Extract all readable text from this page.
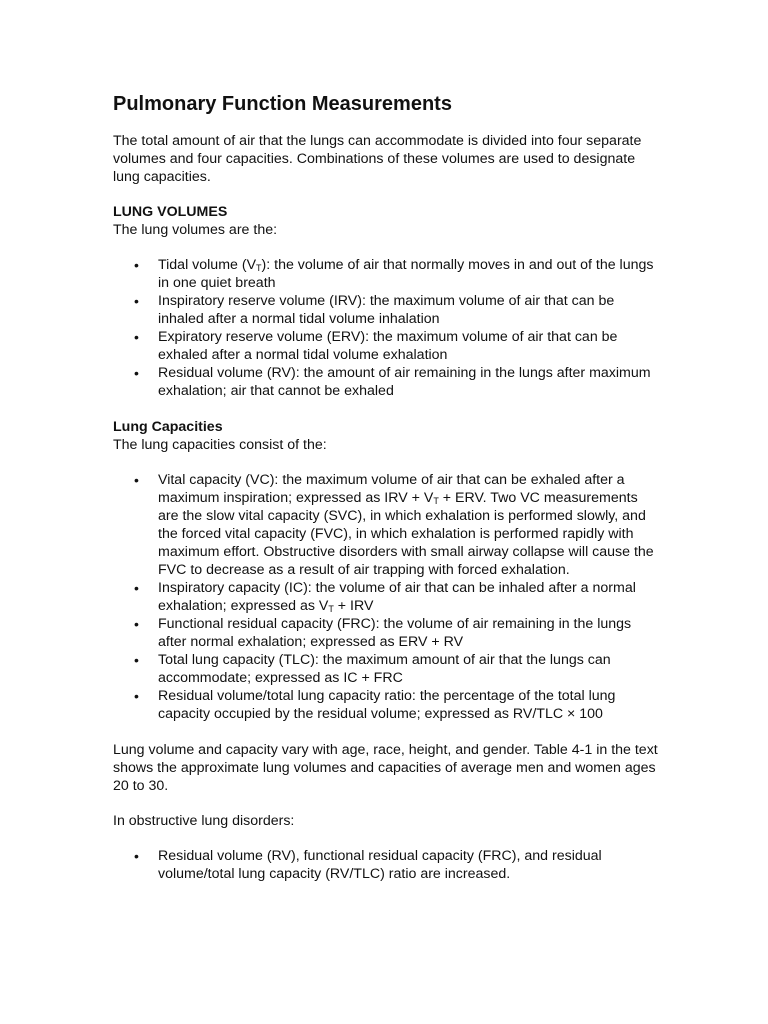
Pulmonary Function Measurements

The total amount of air that the lungs can accommodate is divided into four separate volumes and four capacities. Combinations of these volumes are used to designate lung capacities.

LUNG VOLUMES

The lung volumes are the:

• Tidal volume $(V_T)$: the volume of air that normally moves in and out of the lungs in one quiet breath
• Inspiratory reserve volume (IRV): the maximum volume of air that can be inhaled after a normal tidal volume inhalation
• Expiratory reserve volume (ERV): the maximum volume of air that can be exhaled after a normal tidal volume exhalation
• Residual volume (RV): the amount of air remaining in the lungs after maximum exhalation; air that cannot be exhaled

Lung Capacities

The lung capacities consist of the:

• Vital capacity (VC): the maximum volume of air that can be exhaled after a maximum inspiration; expressed as IRV + $V_T$ + ERV. Two VC measurements are the slow vital capacity (SVC), in which exhalation is performed slowly, and the forced vital capacity (FVC), in which exhalation is performed rapidly with maximum effort. Obstructive disorders with small airway collapse will cause the FVC to decrease as a result of air trapping with forced exhalation.
• Inspiratory capacity (IC): the volume of air that can be inhaled after a normal exhalation; expressed as $V_T$ + IRV
• Functional residual capacity (FRC): the volume of air remaining in the lungs after normal exhalation; expressed as ERV + RV
• Total lung capacity (TLC): the maximum amount of air that the lungs can accommodate; expressed as IC + FRC
• Residual volume/total lung capacity ratio: the percentage of the total lung capacity occupied by the residual volume; expressed as RV/TLC × 100

Lung volume and capacity vary with age, race, height, and gender. Table 4-1 in the text shows the approximate lung volumes and capacities of average men and women ages 20 to 30.

In obstructive lung disorders:

• Residual volume (RV), functional residual capacity (FRC), and residual volume/total lung capacity (RV/TLC) ratio are increased.
